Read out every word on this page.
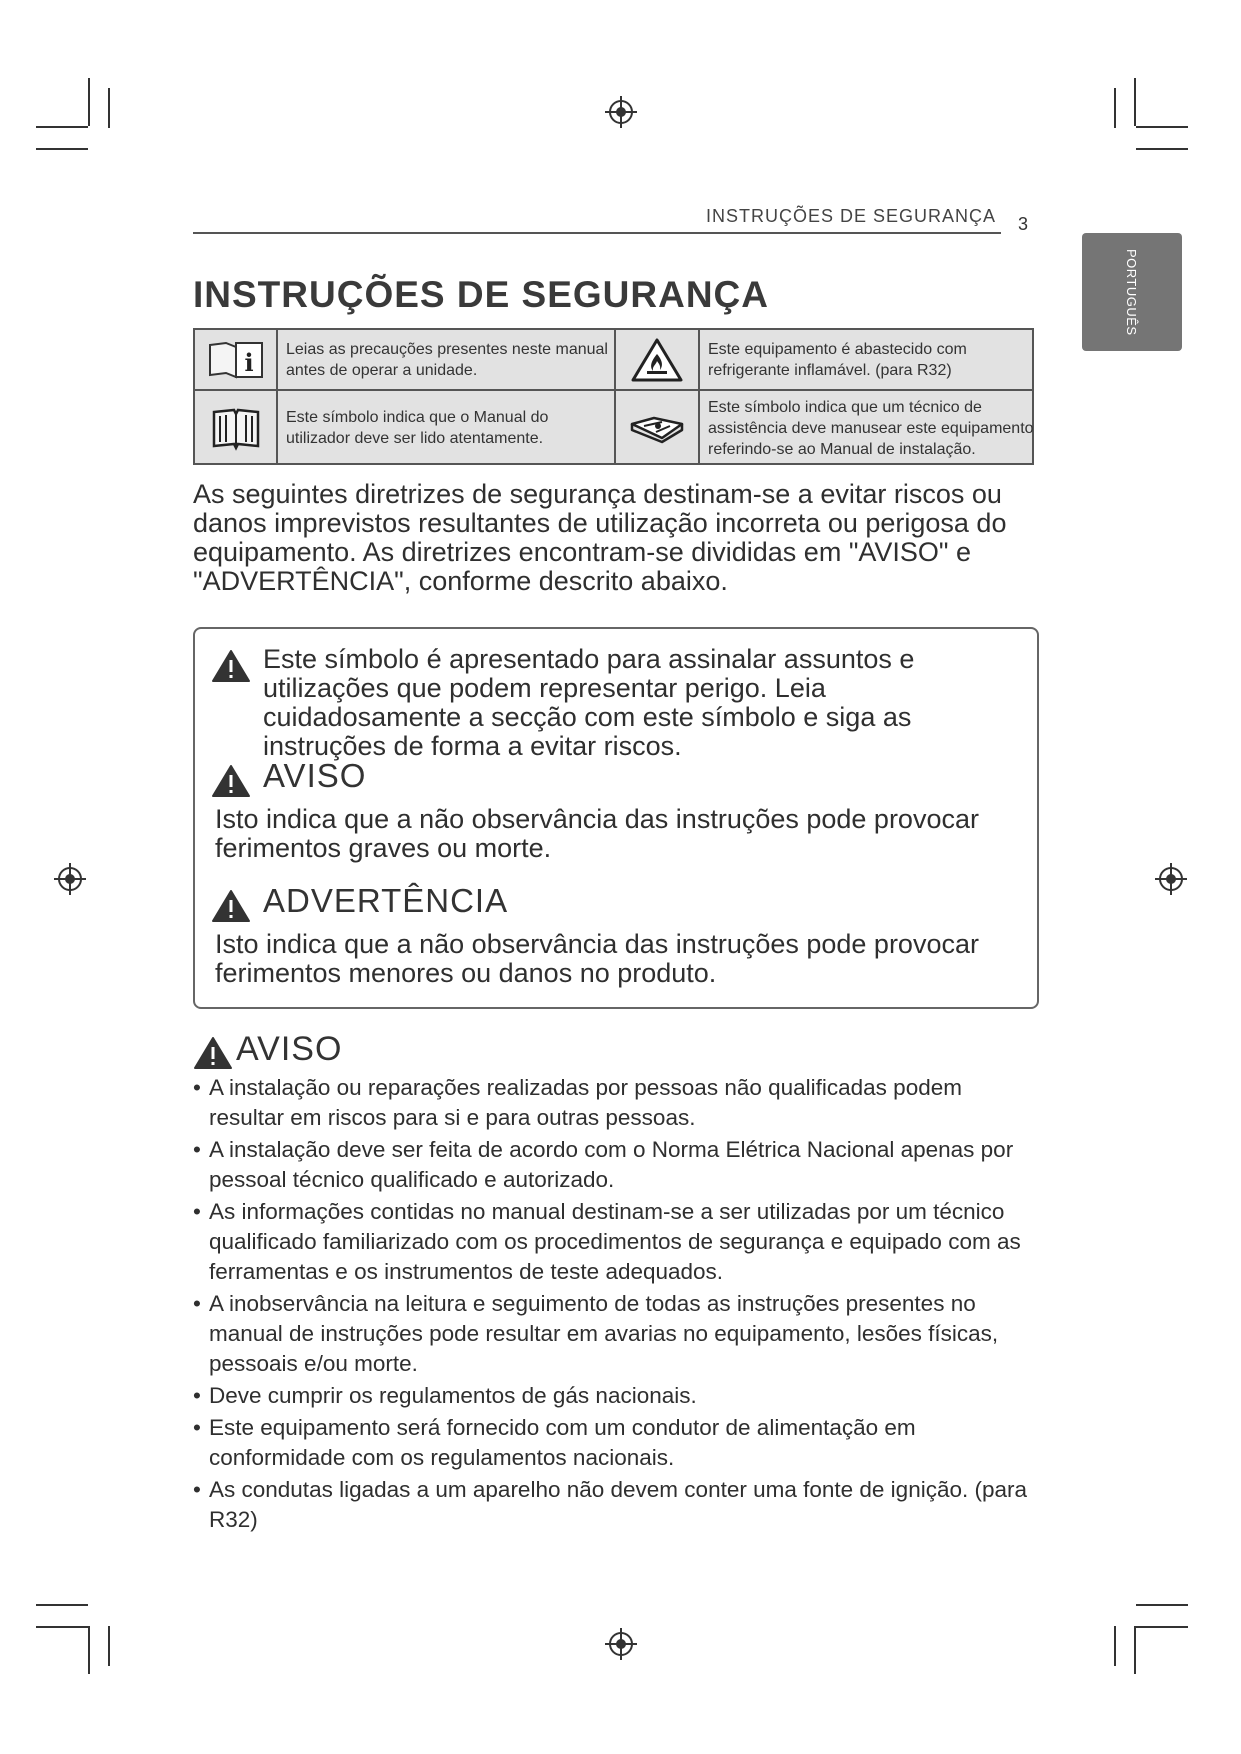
INSTRUÇÕES DE SEGURANÇA 3
PORTUGUÊS
INSTRUÇÕES DE SEGURANÇA
i	Leias as precauções presentes neste manual antes de operar a unidade.
Este equipamento é abastecido com refrigerante inflamável. (para R32)
Este símbolo indica que o Manual do utilizador deve ser lido atentamente.
Este símbolo indica que um técnico de assistência deve manusear este equipamento referindo-se ao Manual de instalação.

As seguintes diretrizes de segurança destinam-se a evitar riscos ou danos imprevistos resultantes de utilização incorreta ou perigosa do equipamento. As diretrizes encontram-se divididas em "AVISO" e "ADVERTÊNCIA", conforme descrito abaixo.

Este símbolo é apresentado para assinalar assuntos e utilizações que podem representar perigo. Leia cuidadosamente a secção com este símbolo e siga as instruções de forma a evitar riscos.

AVISO

Isto indica que a não observância das instruções pode provocar ferimentos graves ou morte.

ADVERTÊNCIA

Isto indica que a não observância das instruções pode provocar ferimentos menores ou danos no produto.

AVISO
• A instalação ou reparações realizadas por pessoas não qualificadas podem resultar em riscos para si e para outras pessoas.
• A instalação deve ser feita de acordo com o Norma Elétrica Nacional apenas por pessoal técnico qualificado e autorizado.
• As informações contidas no manual destinam-se a ser utilizadas por um técnico qualificado familiarizado com os procedimentos de segurança e equipado com as ferramentas e os instrumentos de teste adequados.
• A inobservância na leitura e seguimento de todas as instruções presentes no manual de instruções pode resultar em avarias no equipamento, lesões físicas, pessoais e/ou morte.
• Deve cumprir os regulamentos de gás nacionais.
• Este equipamento será fornecido com um condutor de alimentação em conformidade com os regulamentos nacionais.
• As condutas ligadas a um aparelho não devem conter uma fonte de ignição. (para R32)
